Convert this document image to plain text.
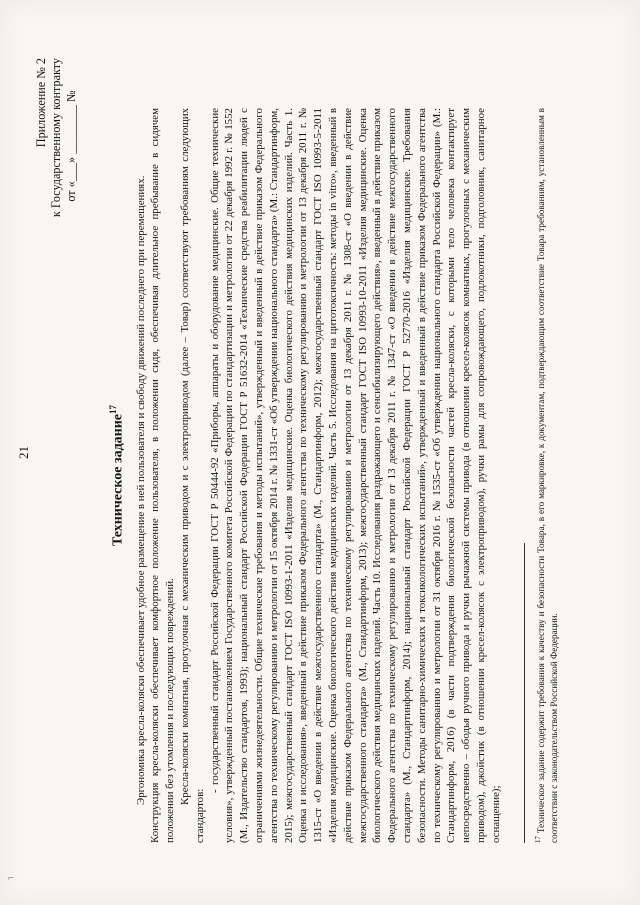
21
Приложение № 2 к Государственному контракту от «___» ________ №
Техническое задание$^{17}$	Эргономика кресла-коляски обеспечивает удобное размещение в ней пользователя и свободу движений последнего при перемещениях. Конструкция кресла-коляски обеспечивает комфортное положение пользователя, в положении сидя, обеспечивая длительное пребывание в сидячем положении без утомления и последующих повреждений. Кресла-коляски комнатная, прогулочная с механическим приводом и с электроприводом (далее – Товар) соответствуют требованиям следующих стандартов:

- государственный стандарт Российской Федерации ГОСТ Р 50444-92 «Приборы, аппараты и оборудование медицинские. Общие технические условия», утвержденный постановлением Государственного комитета Российской Федерации по стандартизации и метрологии от 22 декабря 1992 г. № 1552 (М., Издательство стандартов, 1993); национальный стандарт Российской Федерации ГОСТ Р 51632-2014 «Технические средства реабилитации людей с ограничениями жизнедеятельности. Общие технические требования и методы испытаний», утвержденный и введенный в действие приказом Федерального агентства по техническому регулированию и метрологии от 15 октября 2014 г. № 1331-ст «Об утверждении национального стандарта» (М.: Стандартинформ, 2015); межгосударственный стандарт ГОСТ ISO 10993-1-2011 «Изделия медицинские. Оценка биологического действия медицинских изделий. Часть 1. Оценка и исследования», введенный в действие приказом Федерального агентства по техническому регулированию и метрологии от 13 декабря 2011 г. № 1315-ст «О введении в действие межгосударственного стандарта» (М., Стандартинформ, 2012); межгосударственный стандарт ГОСТ ISO 10993-5-2011 «Изделия медицинские. Оценка биологического действия медицинских изделий. Часть 5. Исследования на цитотоксичность: методы in vitro», введенный в действие приказом Федерального агентства по техническому регулированию и метрологии от 13 декабря 2011 г. № 1308-ст «О введении в действие межгосударственного стандарта» (М., Стандартинформ, 2013); межгосударственный стандарт ГОСТ ISO 10993-10-2011 «Изделия медицинские. Оценка биологического действия медицинских изделий. Часть 10. Исследования раздражающего и сенсибилизирующего действия», введенный в действие приказом Федерального агентства по техническому регулированию и метрологии от 13 декабря 2011 г. № 1347-ст «О введении в действие межгосударственного стандарта» (М., Стандартинформ, 2014); национальный стандарт Российской Федерации ГОСТ Р 52770-2016 «Изделия медицинские. Требования безопасности. Методы санитарно-химических и токсикологических испытаний», утвержденный и введенный в действие приказом Федерального агентства по техническому регулированию и метрологии от 31 октября 2016 г. № 1535-ст «Об утверждении национального стандарта Российской Федерации» (М.: Стандартинформ, 2016) (в части подтверждения биологической безопасности частей кресла-коляски, с которыми тело человека контактирует непосредственно – ободья ручного привода и ручки рычажной системы привода (в отношении кресел-колясок комнатных, прогулочных с механическим приводом), джойстик (в отношении кресел-колясок с электроприводом), ручки рамы для сопровождающего, подлокотники, подголовник, санитарное оснащение);	$^{17}$ Техническое задание содержит требования к качеству и безопасности Товара, в его маркировке, к документам, подтверждающим соответствие Товара требованиям, установленным в соответствии с законодательством Российской Федерации.
⌐
